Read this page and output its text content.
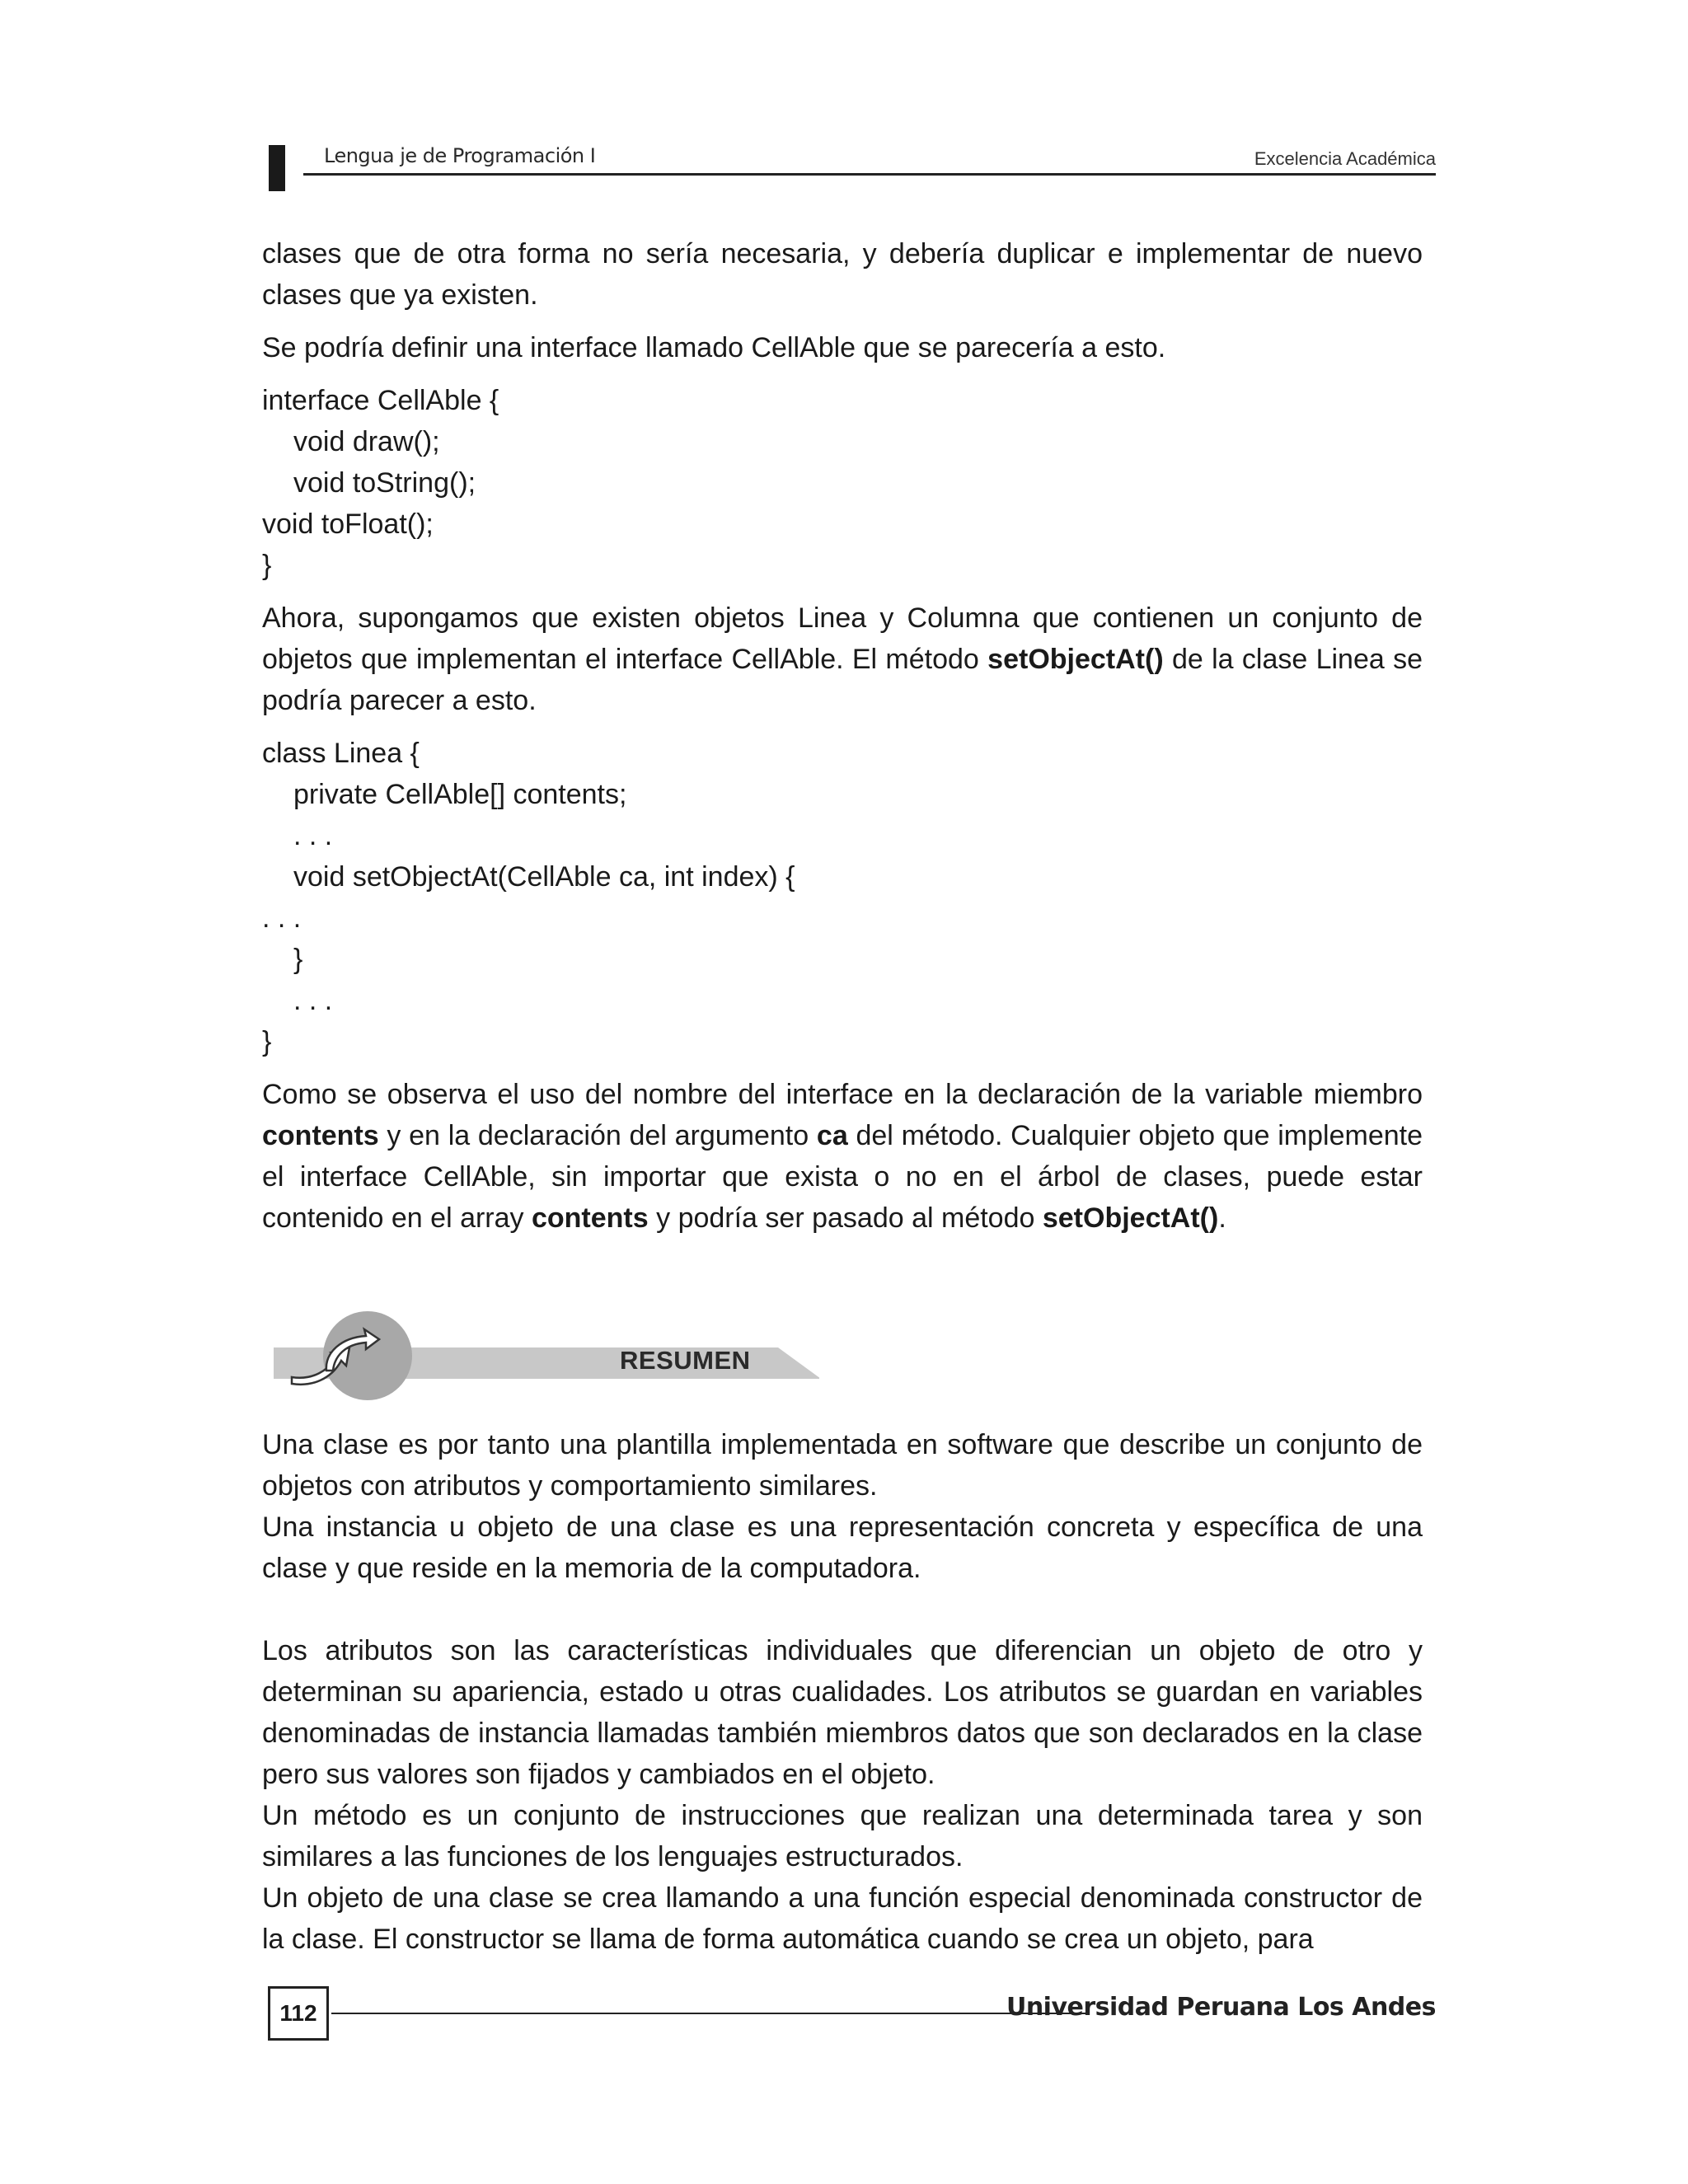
Lengua je de Programación I	Excelencia Académica

clases que de otra forma no sería necesaria, y debería duplicar e implementar de nuevo clases que ya existen.

Se podría definir una interface llamado CellAble que se parecería a esto.

interface CellAble {
void draw();
void toString();
void toFloat();
}

Ahora, supongamos que existen objetos Linea y Columna que contienen un conjunto de objetos que implementan el interface CellAble. El método setObjectAt() de la clase Linea se podría parecer a esto.

class Linea {
private CellAble[] contents;
. . .
void setObjectAt(CellAble ca, int index) {
. . .
}
. . .
}

Como se observa el uso del nombre del interface en la declaración de la variable miembro contents y en la declaración del argumento ca del método. Cualquier objeto que implemente el interface CellAble, sin importar que exista o no en el árbol de clases, puede estar contenido en el array contents y podría ser pasado al método setObjectAt().

RESUMEN

Una clase es por tanto una plantilla implementada en software que describe un conjunto de objetos con atributos y comportamiento similares.

Una instancia u objeto de una clase es una representación concreta y específica de una clase y que reside en la memoria de la computadora.

Los atributos son las características individuales que diferencian un objeto de otro y determinan su apariencia, estado u otras cualidades. Los atributos se guardan en variables denominadas de instancia llamadas también miembros datos que son declarados en la clase pero sus valores son fijados y cambiados en el objeto.

Un método es un conjunto de instrucciones que realizan una determinada tarea y son similares a las funciones de los lenguajes estructurados.

Un objeto de una clase se crea llamando a una función especial denominada constructor de la clase. El constructor se llama de forma automática cuando se crea un objeto, para

112	Universidad Peruana Los Andes
